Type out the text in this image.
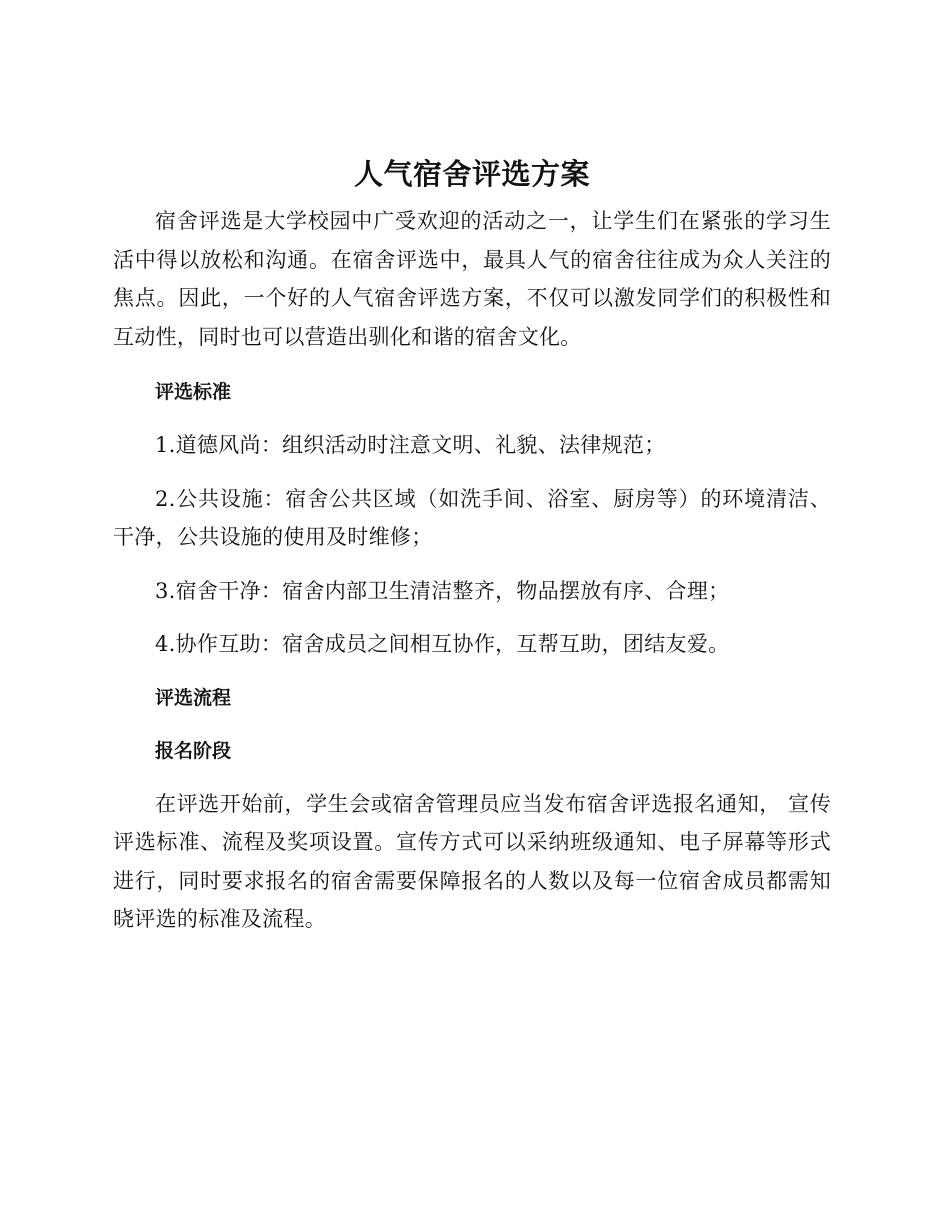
人气宿舍评选方案

宿舍评选是大学校园中广受欢迎的活动之一，让学生们在紧张的学习生活中得以放松和沟通。在宿舍评选中，最具人气的宿舍往往成为众人关注的焦点。因此，一个好的人气宿舍评选方案，不仅可以激发同学们的积极性和互动性，同时也可以营造出驯化和谐的宿舍文化。

评选标准

1.道德风尚：组织活动时注意文明、礼貌、法律规范；

2.公共设施：宿舍公共区域（如洗手间、浴室、厨房等）的环境清洁、干净，公共设施的使用及时维修；

3.宿舍干净：宿舍内部卫生清洁整齐，物品摆放有序、合理；

4.协作互助：宿舍成员之间相互协作，互帮互助，团结友爱。

评选流程

报名阶段

在评选开始前，学生会或宿舍管理员应当发布宿舍评选报名通知， 宣传评选标准、流程及奖项设置。宣传方式可以采纳班级通知、电子屏幕等形式进行，同时要求报名的宿舍需要保障报名的人数以及每一位宿舍成员都需知晓评选的标准及流程。
